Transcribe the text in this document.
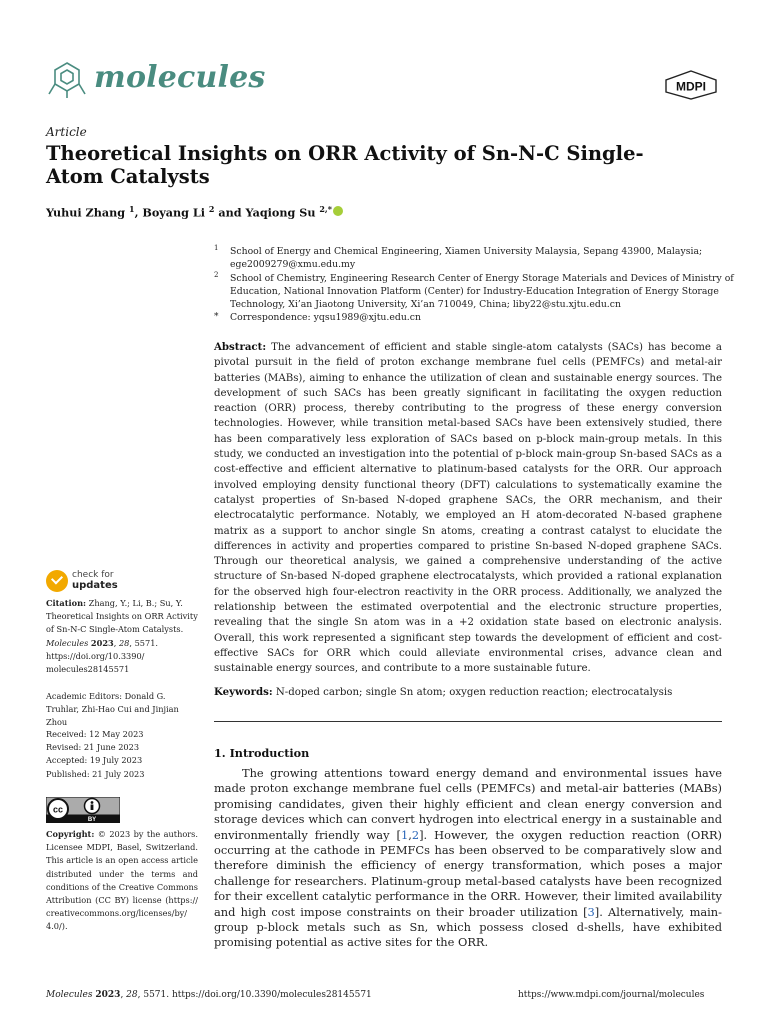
molecules	MDPI
Article
Theoretical Insights on ORR Activity of Sn-N-C Single-Atom Catalysts
Yuhui Zhang $^1$, Boyang Li $^2$ and Yaqiong Su $^{2,*}$
1 School of Energy and Chemical Engineering, Xiamen University Malaysia, Sepang 43900, Malaysia; ege2009279@xmu.edu.my
2 School of Chemistry, Engineering Research Center of Energy Storage Materials and Devices of Ministry of Education, National Innovation Platform (Center) for Industry-Education Integration of Energy Storage Technology, Xi’an Jiaotong University, Xi’an 710049, China; liby22@stu.xjtu.edu.cn
* Correspondence: yqsu1989@xjtu.edu.cn
Abstract: The advancement of efficient and stable single-atom catalysts (SACs) has become a pivotal pursuit in the field of proton exchange membrane fuel cells (PEMFCs) and metal-air batteries (MABs), aiming to enhance the utilization of clean and sustainable energy sources. The development of such SACs has been greatly significant in facilitating the oxygen reduction reaction (ORR) process, thereby contributing to the progress of these energy conversion technologies. However, while transition metal-based SACs have been extensively studied, there has been comparatively less exploration of SACs based on p-block main-group metals. In this study, we conducted an investigation into the potential of p-block main-group Sn-based SACs as a cost-effective and efficient alternative to platinum-based catalysts for the ORR. Our approach involved employing density functional theory (DFT) calculations to systematically examine the catalyst properties of Sn-based N-doped graphene SACs, the ORR mechanism, and their electrocatalytic performance. Notably, we employed an H atom-decorated N-based graphene matrix as a support to anchor single Sn atoms, creating a contrast catalyst to elucidate the differences in activity and properties compared to pristine Sn-based N-doped graphene SACs. Through our theoretical analysis, we gained a comprehensive understanding of the active structure of Sn-based N-doped graphene electrocatalysts, which provided a rational explanation for the observed high four-electron reactivity in the ORR process. Additionally, we analyzed the relationship between the estimated overpotential and the electronic structure properties, revealing that the single Sn atom was in a +2 oxidation state based on electronic analysis. Overall, this work represented a significant step towards the development of efficient and cost-effective SACs for ORR which could alleviate environmental crises, advance clean and sustainable energy sources, and contribute to a more sustainable future.
Keywords: N-doped carbon; single Sn atom; oxygen reduction reaction; electrocatalysis
1. Introduction
The growing attentions toward energy demand and environmental issues have made proton exchange membrane fuel cells (PEMFCs) and metal-air batteries (MABs) promising candidates, given their highly efficient and clean energy conversion and storage devices which can convert hydrogen into electrical energy in a sustainable and environmentally friendly way [1,2]. However, the oxygen reduction reaction (ORR) occurring at the cathode in PEMFCs has been observed to be comparatively slow and therefore diminish the efficiency of energy transformation, which poses a major challenge for researchers. Platinum-group metal-based catalysts have been recognized for their excellent catalytic performance in the ORR. However, their limited availability and high cost impose constraints on their broader utilization [3]. Alternatively, main-group p-block metals such as Sn, which possess closed d-shells, have exhibited promising potential as active sites for the ORR.
check for
updates
Citation: Zhang, Y.; Li, B.; Su, Y. Theoretical Insights on ORR Activity of Sn-N-C Single-Atom Catalysts. Molecules 2023, 28, 5571. https://doi.org/10.3390/ molecules28145571
Academic Editors: Donald G. Truhlar, Zhi-Hao Cui and Jinjian Zhou
Received: 12 May 2023
Revised: 21 June 2023
Accepted: 19 July 2023
Published: 21 July 2023
cc
BY
Copyright: © 2023 by the authors. Licensee MDPI, Basel, Switzerland. This article is an open access article distributed under the terms and conditions of the Creative Commons Attribution (CC BY) license (https:// creativecommons.org/licenses/by/ 4.0/).
Molecules 2023, 28, 5571. https://doi.org/10.3390/molecules28145571	https://www.mdpi.com/journal/molecules
